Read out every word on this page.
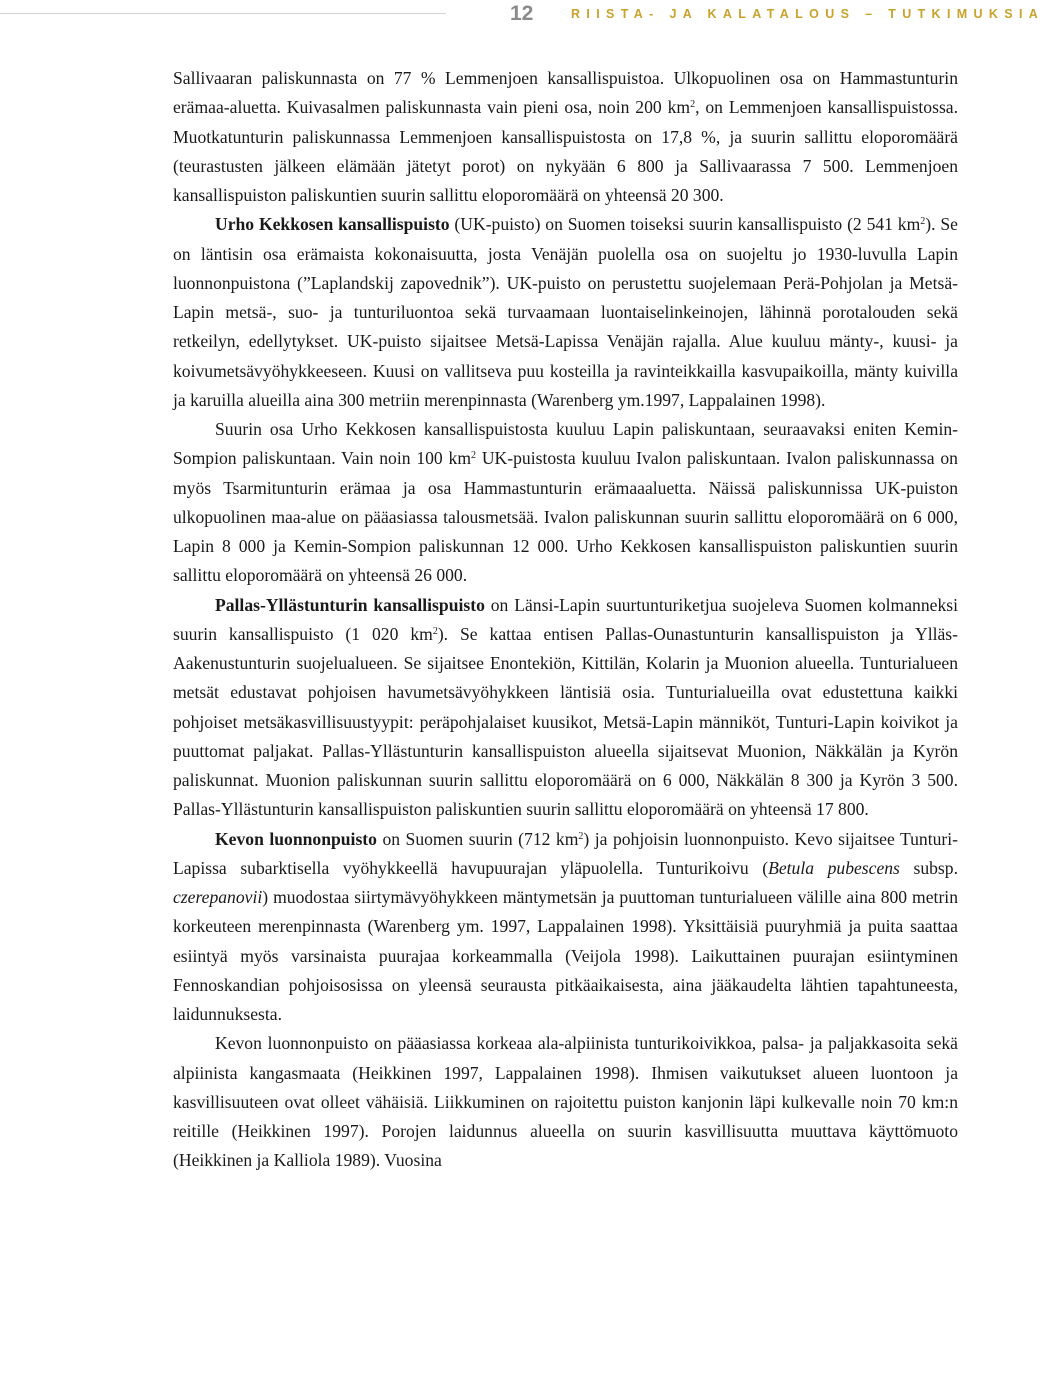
12	RIISTA- JA KALATALOUS – TUTKIMUKSIA

Sallivaaran paliskunnasta on 77 % Lemmenjoen kansallispuistoa. Ulkopuolinen osa on Hammastunturin erämaa-aluetta. Kuivasalmen paliskunnasta vain pieni osa, noin 200 $km^2$, on Lemmenjoen kansallispuistossa. Muotkatunturin paliskunnassa Lemmenjoen kansallispuistosta on 17,8 %, ja suurin sallittu eloporomäärä (teurastusten jälkeen elämään jätetyt porot) on nykyään 6 800 ja Sallivaarassa 7 500. Lemmenjoen kansallispuiston paliskuntien suurin sallittu eloporomäärä on yhteensä 20 300.

Urho Kekkosen kansallispuisto (UK-puisto) on Suomen toiseksi suurin kansallispuisto (2 541 $km^2$). Se on läntisin osa erämaista kokonaisuutta, josta Venäjän puolella osa on suojeltu jo 1930-luvulla Lapin luonnonpuistona (”Laplandskij zapovednik”). UK-puisto on perustettu suojelemaan Perä-Pohjolan ja Metsä-Lapin metsä-, suo- ja tunturiluontoa sekä turvaamaan luontaiselinkeinojen, lähinnä porotalouden sekä retkeilyn, edellytykset. UK-puisto sijaitsee Metsä-Lapissa Venäjän rajalla. Alue kuuluu mänty-, kuusi- ja koivumetsävyöhykkeeseen. Kuusi on vallitseva puu kosteilla ja ravinteikkailla kasvupaikoilla, mänty kuivilla ja karuilla alueilla aina 300 metriin merenpinnasta (Warenberg ym.1997, Lappalainen 1998).

Suurin osa Urho Kekkosen kansallispuistosta kuuluu Lapin paliskuntaan, seuraavaksi eniten Kemin-Sompion paliskuntaan. Vain noin 100 $km^2$ UK-puistosta kuuluu Ivalon paliskuntaan. Ivalon paliskunnassa on myös Tsarmitunturin erämaa ja osa Hammastunturin erämaaaluetta. Näissä paliskunnissa UK-puiston ulkopuolinen maa-alue on pääasiassa talousmetsää. Ivalon paliskunnan suurin sallittu eloporomäärä on 6 000, Lapin 8 000 ja Kemin-Sompion paliskunnan 12 000. Urho Kekkosen kansallispuiston paliskuntien suurin sallittu eloporomäärä on yhteensä 26 000.

Pallas-Yllästunturin kansallispuisto on Länsi-Lapin suurtunturiketjua suojeleva Suomen kolmanneksi suurin kansallispuisto (1 020 $km^2$). Se kattaa entisen Pallas-Ounastunturin kansallispuiston ja Ylläs-Aakenustunturin suojelualueen. Se sijaitsee Enontekiön, Kittilän, Kolarin ja Muonion alueella. Tunturialueen metsät edustavat pohjoisen havumetsävyöhykkeen läntisiä osia. Tunturialueilla ovat edustettuna kaikki pohjoiset metsäkasvillisuustyypit: peräpohjalaiset kuusikot, Metsä-Lapin männiköt, Tunturi-Lapin koivikot ja puuttomat paljakat. Pallas-Yllästunturin kansallispuiston alueella sijaitsevat Muonion, Näkkälän ja Kyrön paliskunnat. Muonion paliskunnan suurin sallittu eloporomäärä on 6 000, Näkkälän 8 300 ja Kyrön 3 500. Pallas-Yllästunturin kansallispuiston paliskuntien suurin sallittu eloporomäärä on yhteensä 17 800.

Kevon luonnonpuisto on Suomen suurin (712 $km^2$) ja pohjoisin luonnonpuisto. Kevo sijaitsee Tunturi-Lapissa subarktisella vyöhykkeellä havupuurajan yläpuolella. Tunturikoivu (Betula pubescens subsp. czerepanovii) muodostaa siirtymävyöhykkeen mäntymetsän ja puuttoman tunturialueen välille aina 800 metrin korkeuteen merenpinnasta (Warenberg ym. 1997, Lappalainen 1998). Yksittäisiä puuryhmiä ja puita saattaa esiintyä myös varsinaista puurajaa korkeammalla (Veijola 1998). Laikuttainen puurajan esiintyminen Fennoskandian pohjoisosissa on yleensä seurausta pitkäaikaisesta, aina jääkaudelta lähtien tapahtuneesta, laidunnuksesta.

Kevon luonnonpuisto on pääasiassa korkeaa ala-alpiinista tunturikoivikkoa, palsa- ja paljakkasoita sekä alpiinista kangasmaata (Heikkinen 1997, Lappalainen 1998). Ihmisen vaikutukset alueen luontoon ja kasvillisuuteen ovat olleet vähäisiä. Liikkuminen on rajoitettu puiston kanjonin läpi kulkevalle noin 70 km:n reitille (Heikkinen 1997). Porojen laidunnus alueella on suurin kasvillisuutta muuttava käyttömuoto (Heikkinen ja Kalliola 1989). Vuosina
